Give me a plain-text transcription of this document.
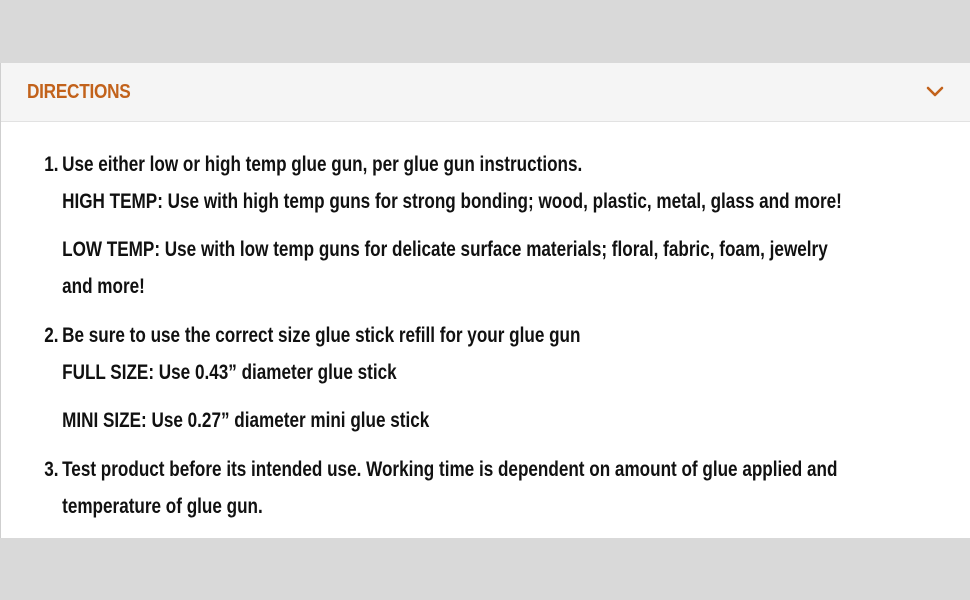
DIRECTIONS
1. Use either low or high temp glue gun, per glue gun instructions.
HIGH TEMP: Use with high temp guns for strong bonding; wood, plastic, metal, glass and more!
LOW TEMP: Use with low temp guns for delicate surface materials; floral, fabric, foam, jewelry
and more!
2. Be sure to use the correct size glue stick refill for your glue gun
FULL SIZE: Use 0.43” diameter glue stick
MINI SIZE: Use 0.27” diameter mini glue stick
3. Test product before its intended use. Working time is dependent on amount of glue applied and
temperature of glue gun.
